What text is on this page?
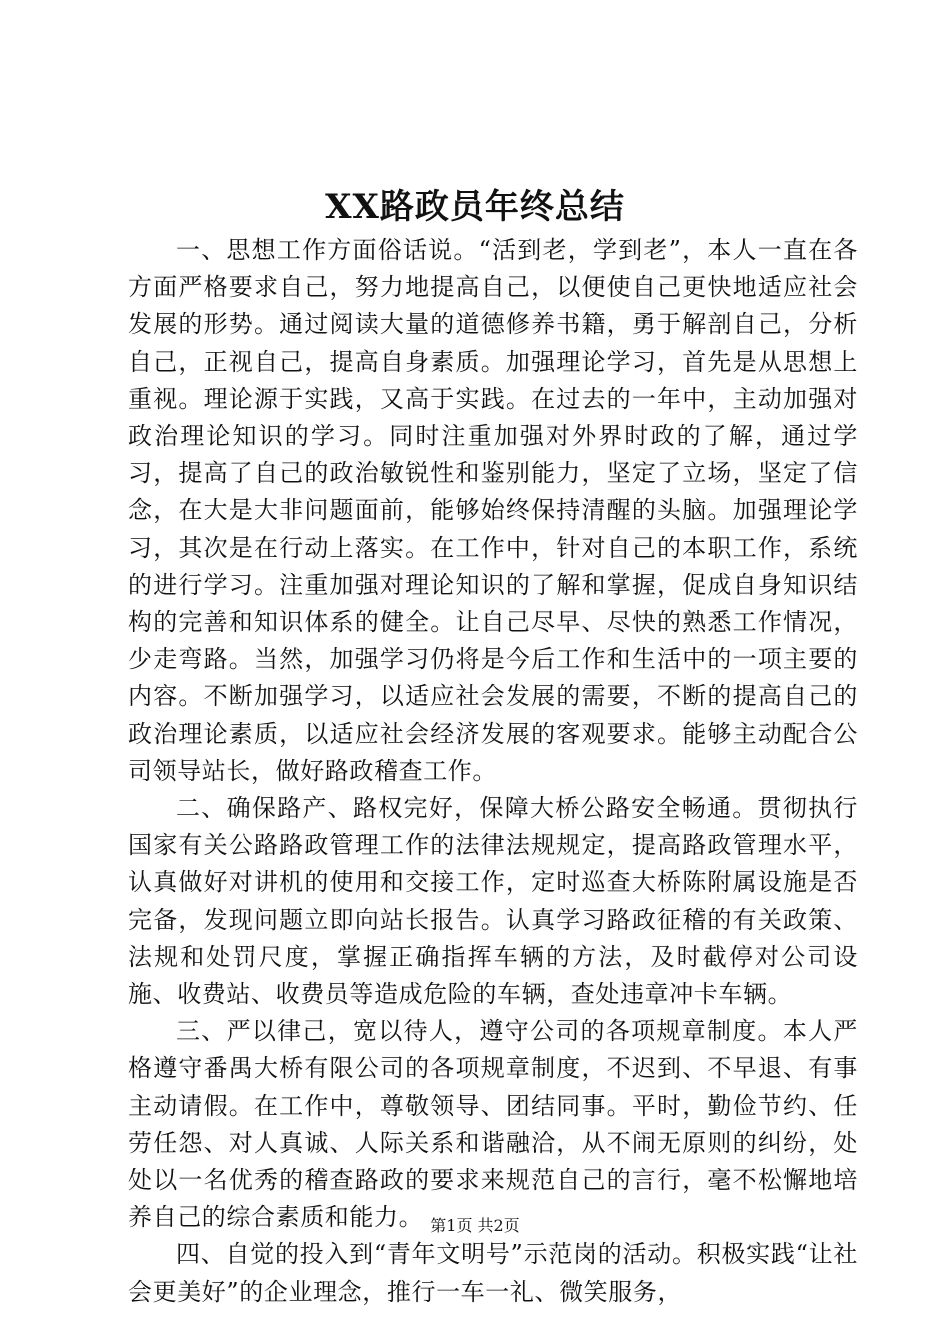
XX路政员年终总结

一、思想工作方面俗话说。“活到老，学到老”，本人一直在各方面严格要求自己，努力地提高自己，以便使自己更快地适应社会发展的形势。通过阅读大量的道德修养书籍，勇于解剖自己，分析自己，正视自己，提高自身素质。加强理论学习，首先是从思想上重视。理论源于实践，又高于实践。在过去的一年中，主动加强对政治理论知识的学习。同时注重加强对外界时政的了解，通过学习，提高了自己的政治敏锐性和鉴别能力，坚定了立场，坚定了信念，在大是大非问题面前，能够始终保持清醒的头脑。加强理论学习，其次是在行动上落实。在工作中，针对自己的本职工作，系统的进行学习。注重加强对理论知识的了解和掌握，促成自身知识结构的完善和知识体系的健全。让自己尽早、尽快的熟悉工作情况，少走弯路。当然，加强学习仍将是今后工作和生活中的一项主要的内容。不断加强学习，以适应社会发展的需要，不断的提高自己的政治理论素质，以适应社会经济发展的客观要求。能够主动配合公司领导站长，做好路政稽查工作。

二、确保路产、路权完好，保障大桥公路安全畅通。贯彻执行国家有关公路路政管理工作的法律法规规定，提高路政管理水平，认真做好对讲机的使用和交接工作，定时巡查大桥陈附属设施是否完备，发现问题立即向站长报告。认真学习路政征稽的有关政策、法规和处罚尺度，掌握正确指挥车辆的方法，及时截停对公司设施、收费站、收费员等造成危险的车辆，查处违章冲卡车辆。

三、严以律己，宽以待人，遵守公司的各项规章制度。本人严格遵守番禺大桥有限公司的各项规章制度，不迟到、不早退、有事主动请假。在工作中，尊敬领导、团结同事。平时，勤俭节约、任劳任怨、对人真诚、人际关系和谐融洽，从不闹无原则的纠纷，处处以一名优秀的稽查路政的要求来规范自己的言行，毫不松懈地培养自己的综合素质和能力。

四、自觉的投入到“青年文明号”示范岗的活动。积极实践“让社会更美好”的企业理念，推行一车一礼、微笑服务，

第1页 共2页
